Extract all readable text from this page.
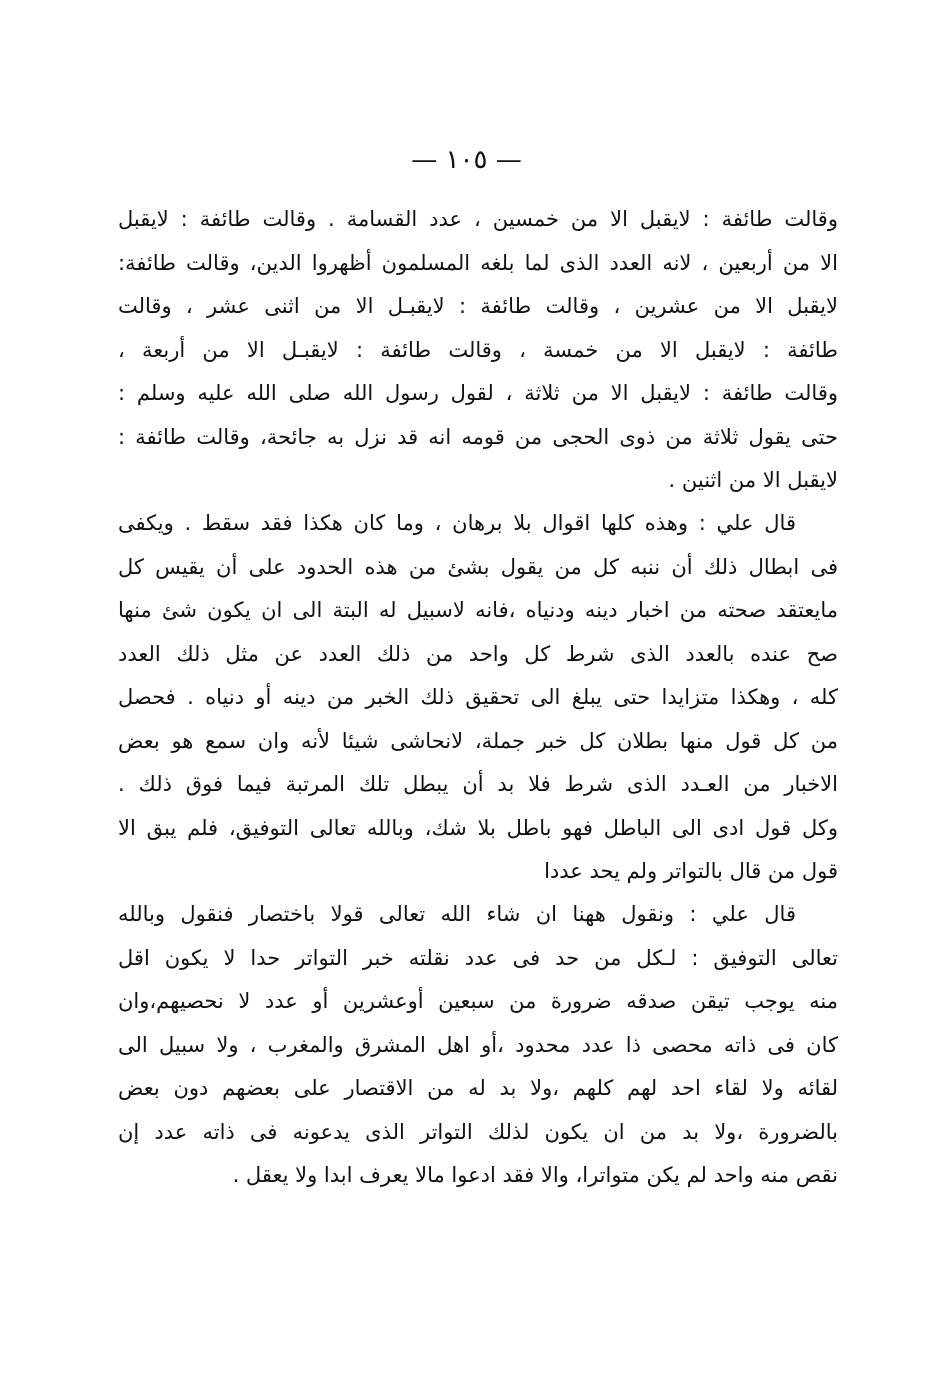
— ١٠٥ —
وقالت طائفة : لايقبل الا من خمسين ، عدد القسامة . وقالت طائفة : لايقبل
الا من أربعين ، لانه العدد الذى لما بلغه المسلمون أظهروا الدين، وقالت طائفة:
لايقبل الا من عشرين ، وقالت طائفة : لايقبـل الا من اثنى عشر ، وقالت
طائفة : لايقبل الا من خمسة ، وقالت طائفة : لايقبـل الا من أربعة ،
وقالت طائفة : لايقبل الا من ثلاثة ، لقول رسول الله صلى الله عليه وسلم :
حتى يقول ثلاثة من ذوى الحجى من قومه انه قد نزل به جائحة، وقالت طائفة :
لايقبل الا من اثنين .
قال علي : وهذه كلها اقوال بلا برهان ، وما كان هكذا فقد سقط . ويكفى
فى ابطال ذلك أن ننبه كل من يقول بشئ من هذه الحدود على أن يقيس كل
مايعتقد صحته من اخبار دينه ودنياه ،فانه لاسبيل له البتة الى ان يكون شئ منها
صح عنده بالعدد الذى شرط كل واحد من ذلك العدد عن مثل ذلك العدد
كله ، وهكذا متزايدا حتى يبلغ الى تحقيق ذلك الخبر من دينه أو دنياه . فحصل
من كل قول منها بطلان كل خبر جملة، لانحاشى شيئا لأنه وان سمع هو بعض
الاخبار من العـدد الذى شرط فلا بد أن يبطل تلك المرتبة فيما فوق ذلك .
وكل قول ادى الى الباطل فهو باطل بلا شك، وبالله تعالى التوفيق، فلم يبق الا
قول من قال بالتواتر ولم يحد عددا
قال علي : ونقول ههنا ان شاء الله تعالى قولا باختصار فنقول وبالله
تعالى التوفيق : لـكل من حد فى عدد نقلته خبر التواتر حدا لا يكون اقل
منه يوجب تيقن صدقه ضرورة من سبعين أوعشرين أو عدد لا نحصيهم،وان
كان فى ذاته محصى ذا عدد محدود ،أو اهل المشرق والمغرب ، ولا سبيل الى
لقائه ولا لقاء احد لهم كلهم ،ولا بد له من الاقتصار على بعضهم دون بعض
بالضرورة ،ولا بد من ان يكون لذلك التواتر الذى يدعونه فى ذاته عدد إن
نقص منه واحد لم يكن متواترا، والا فقد ادعوا مالا يعرف ابدا ولا يعقل .
